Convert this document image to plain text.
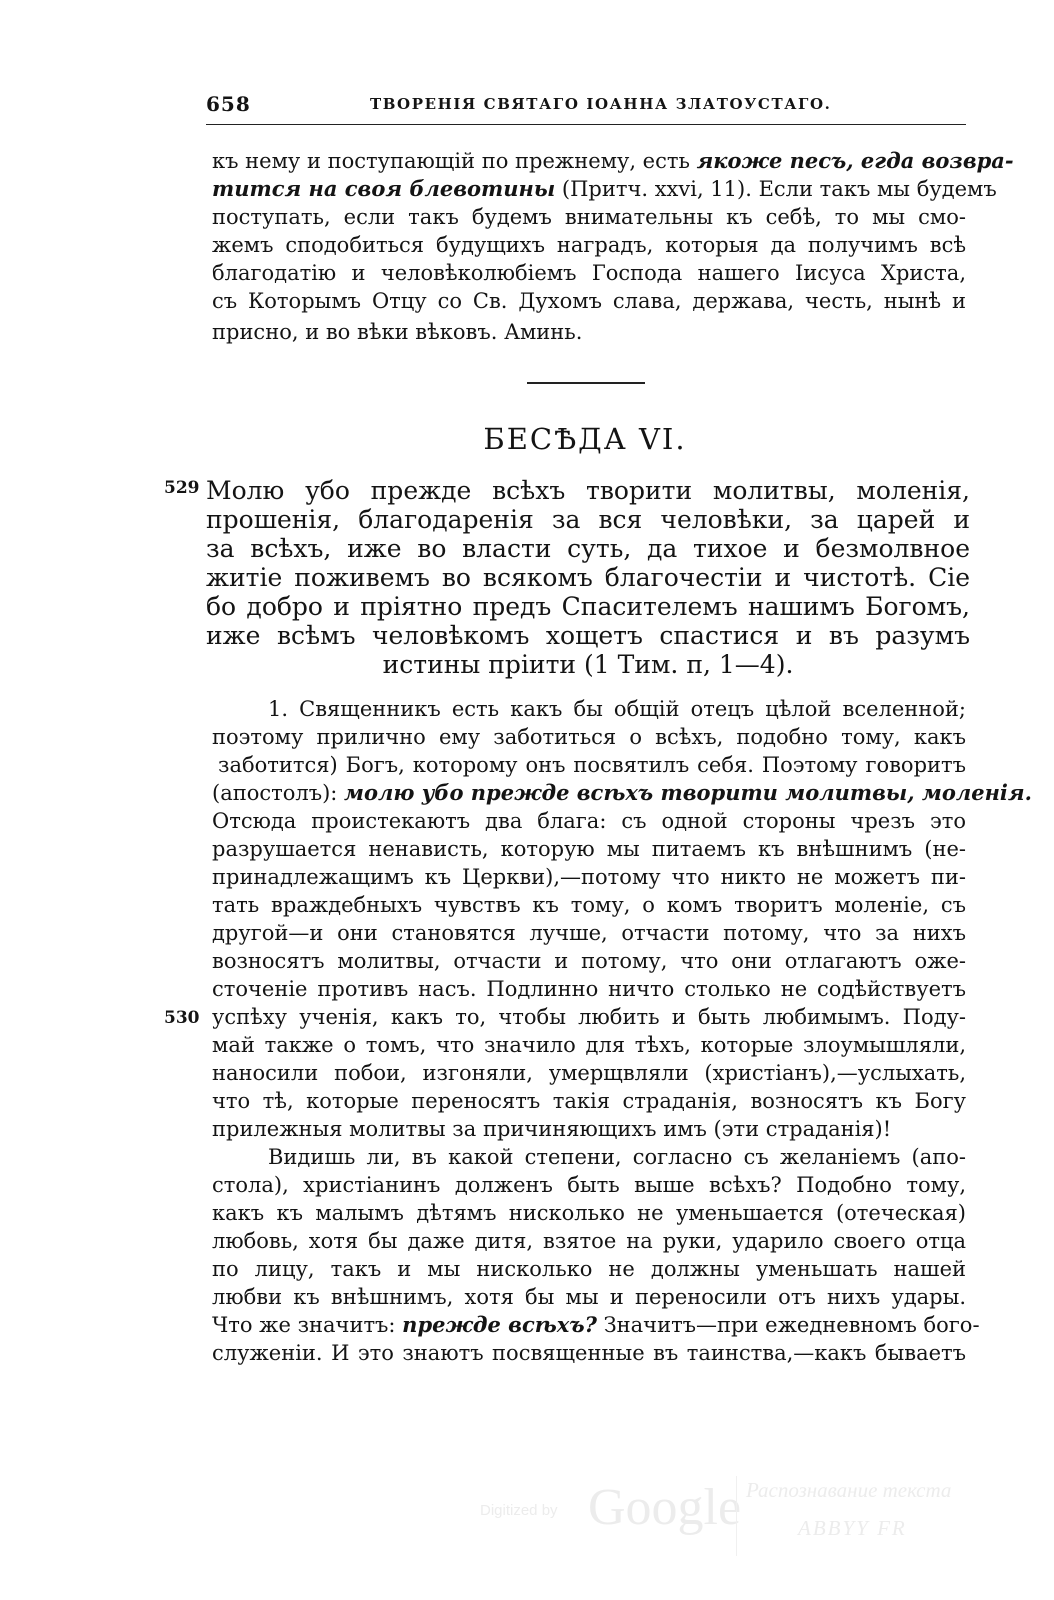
658	ТВОРЕНІЯ СВЯТАГО ІОАННА ЗЛАТОУСТАГО.
къ нему и поступающій по прежнему, есть якоже песъ, егда возвра-
тится на своя блевотины (Притч. xxvi, 11). Если такъ мы будемъ
поступать, если такъ будемъ внимательны къ себѣ, то мы смо-
жемъ сподобиться будущихъ наградъ, которыя да получимъ всѣ
благодатію и человѣколюбіемъ Господа нашего Іисуса Христа,
съ Которымъ Отцу со Св. Духомъ слава, держава, честь, нынѣ и
присно, и во вѣки вѣковъ. Аминь.
БЕСѢДА VI.
529 Молю убо прежде всѣхъ творити молитвы, моленія,
прошенія, благодаренія за вся человѣки, за царей и
за всѣхъ, иже во власти суть, да тихое и безмолвное
житіе поживемъ во всякомъ благочестіи и чистотѣ. Сіе
бо добро и пріятно предъ Спасителемъ нашимъ Богомъ,
иже всѣмъ человѣкомъ хощетъ спастися и въ разумъ
истины пріити (1 Тим. п, 1—4).
1. Священникъ есть какъ бы общій отецъ цѣлой вселенной;
поэтому прилично ему заботиться о всѣхъ, подобно тому, какъ
заботится) Богъ, которому онъ посвятилъ себя. Поэтому говоритъ
(апостолъ): молю убо прежде всѣхъ творити молитвы, моленія.
Отсюда проистекаютъ два блага: съ одной стороны чрезъ это
разрушается ненависть, которую мы питаемъ къ внѣшнимъ (не-
принадлежащимъ къ Церкви),—потому что никто не можетъ пи-
тать враждебныхъ чувствъ къ тому, о комъ творитъ моленіе, съ
другой—и они становятся лучше, отчасти потому, что за нихъ
возносятъ молитвы, отчасти и потому, что они отлагаютъ оже-
сточеніе противъ насъ. Подлинно ничто столько не содѣйствуетъ
530 успѣху ученія, какъ то, чтобы любить и быть любимымъ. Поду-
май также о томъ, что значило для тѣхъ, которые злоумышляли,
наносили побои, изгоняли, умерщвляли (христіанъ),—услыхать,
что тѣ, которые переносятъ такія страданія, возносятъ къ Богу
прилежныя молитвы за причиняющихъ имъ (эти страданія)!
Видишь ли, въ какой степени, согласно съ желаніемъ (апо-
стола), христіанинъ долженъ быть выше всѣхъ? Подобно тому,
какъ къ малымъ дѣтямъ нисколько не уменьшается (отеческая)
любовь, хотя бы даже дитя, взятое на руки, ударило своего отца
по лицу, такъ и мы нисколько не должны уменьшать нашей
любви къ внѣшнимъ, хотя бы мы и переносили отъ нихъ удары.
Что же значитъ: прежде всѣхъ? Значитъ—при ежедневномъ бого-
служеніи. И это знаютъ посвященные въ таинства,—какъ бываетъ
Digitized by Google Распознавание текста
ABBYY FR
